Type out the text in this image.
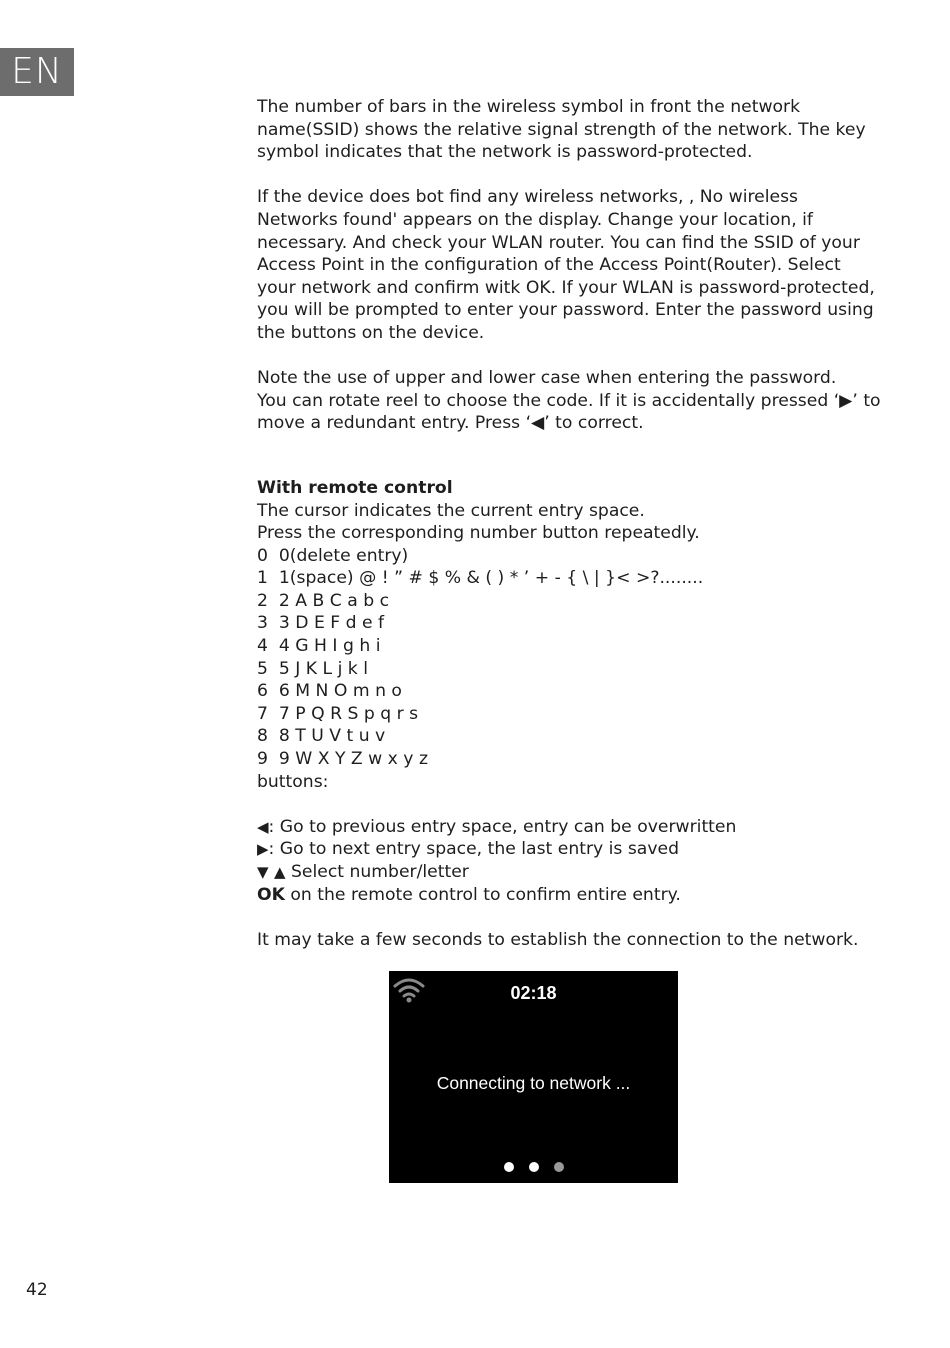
EN

The number of bars in the wireless symbol in front the network name(SSID) shows the relative signal strength of the network. The key symbol indicates that the network is password-protected.

If the device does bot find any wireless networks, , No wireless Networks found' appears on the display. Change your location, if necessary. And check your WLAN router. You can find the SSID of your Access Point in the configuration of the Access Point(Router). Select your network and confirm witk OK. If your WLAN is password-protected, you will be prompted to enter your password. Enter the password using the buttons on the device.

Note the use of upper and lower case when entering the password.

You can rotate reel to choose the code. If it is accidentally pressed ‘▶’ to move a redundant entry. Press ‘◀’ to correct.

With remote control

The cursor indicates the current entry space.

Press the corresponding number button repeatedly.

0  0(delete entry)

1  1(space) @ ! ” # $ % & ( ) * ’ + - { \ | }< >?........

2  2 A B C a b c

3  3 D E F d e f

4  4 G H I g h i

5  5 J K L j k l

6  6 M N O m n o

7  7 P Q R S p q r s

8  8 T U V t u v

9  9 W X Y Z w x y z

buttons:

◀: Go to previous entry space, entry can be overwritten

▶: Go to next entry space, the last entry is saved

▼ ▲ Select number/letter

OK on the remote control to confirm entire entry.

It may take a few seconds to establish the connection to the network.

02:18
Connecting to network ...
42
